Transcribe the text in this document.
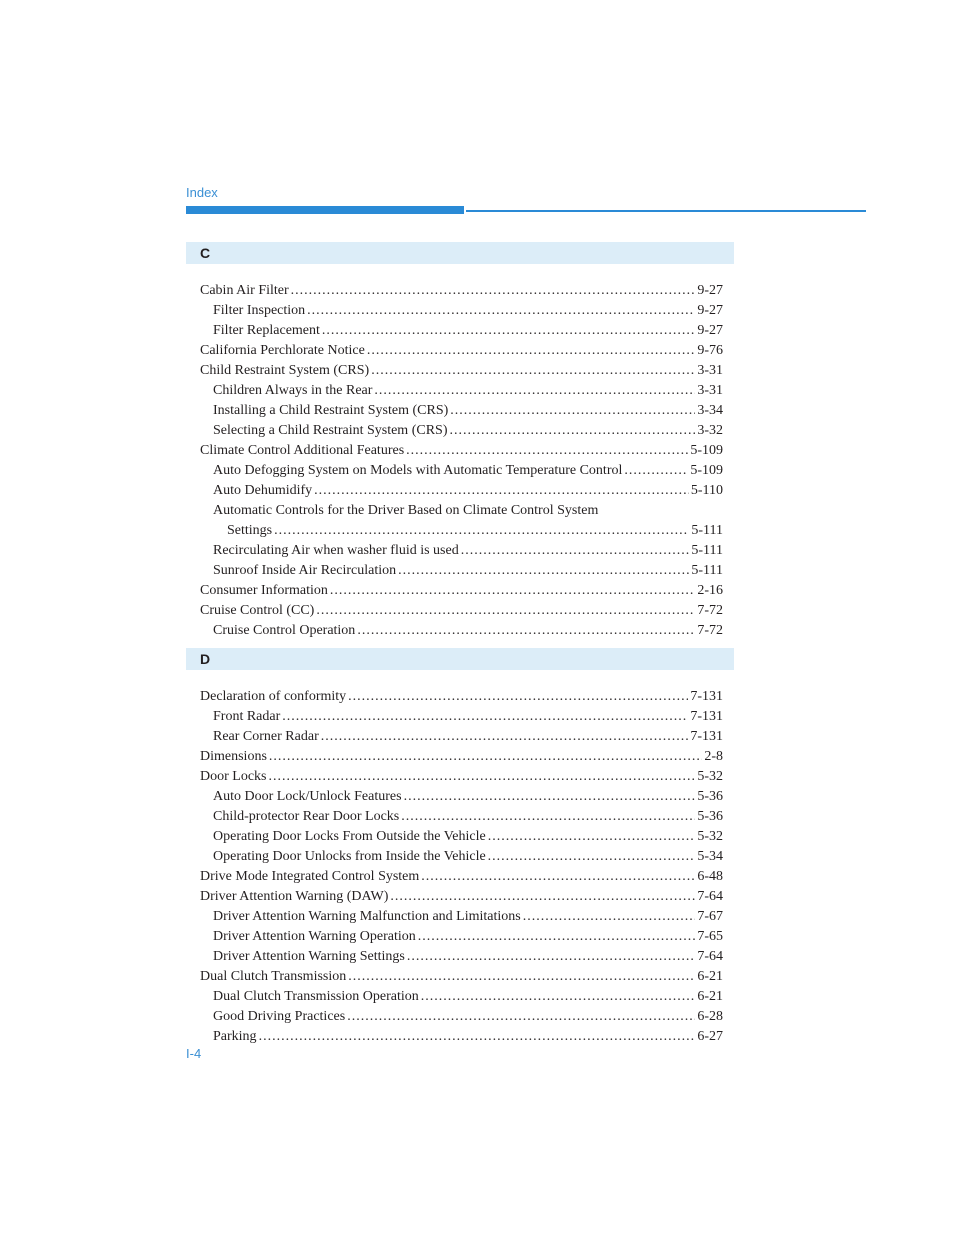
Index
C
Cabin Air Filter .....	9-27
Filter Inspection .....	9-27
Filter Replacement .....	9-27
California Perchlorate Notice .....	9-76
Child Restraint System (CRS) .....	3-31
Children Always in the Rear .....	3-31
Installing a Child Restraint System (CRS) .....	3-34
Selecting a Child Restraint System (CRS) .....	3-32
Climate Control Additional Features .....	5-109
Auto Defogging System on Models with Automatic Temperature Control .....	5-109
Auto Dehumidify .....	5-110
Automatic Controls for the Driver Based on Climate Control System
Settings .....	5-111
Recirculating Air when washer fluid is used .....	5-111
Sunroof Inside Air Recirculation .....	5-111
Consumer Information .....	2-16
Cruise Control (CC) .....	7-72
Cruise Control Operation .....	7-72
D
Declaration of conformity .....	7-131
Front Radar .....	7-131
Rear Corner Radar .....	7-131
Dimensions .....	2-8
Door Locks .....	5-32
Auto Door Lock/Unlock Features .....	5-36
Child-protector Rear Door Locks .....	5-36
Operating Door Locks From Outside the Vehicle .....	5-32
Operating Door Unlocks from Inside the Vehicle .....	5-34
Drive Mode Integrated Control System .....	6-48
Driver Attention Warning (DAW) .....	7-64
Driver Attention Warning Malfunction and Limitations .....	7-67
Driver Attention Warning Operation .....	7-65
Driver Attention Warning Settings .....	7-64
Dual Clutch Transmission .....	6-21
Dual Clutch Transmission Operation .....	6-21
Good Driving Practices .....	6-28
Parking .....	6-27
I-4
